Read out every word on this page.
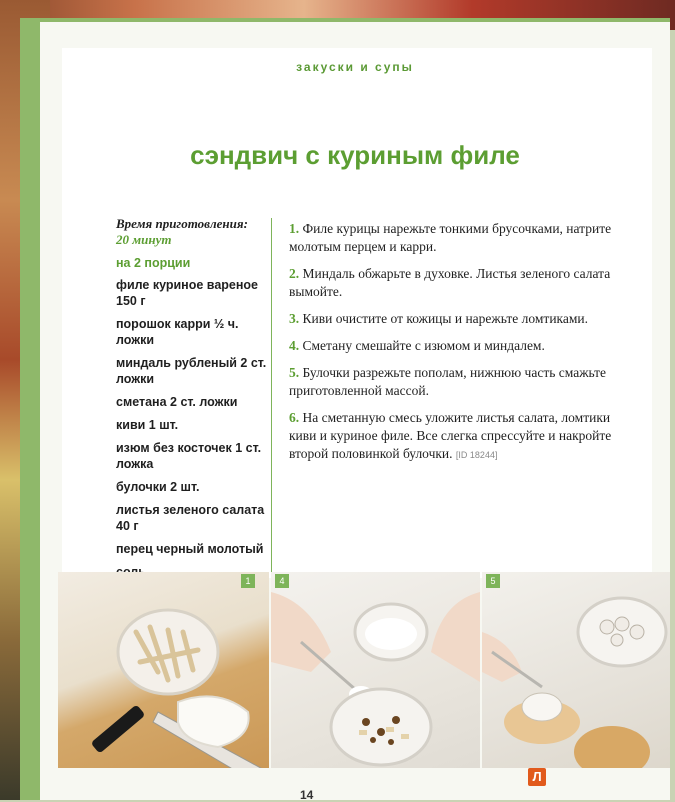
закуски и супы
сэндвич с куриным филе
Время приготовления:
20 минут
на 2 порции
филе куриное вареное 150 г
порошок карри ½ ч. ложки
миндаль рубленый 2 ст. ложки
сметана 2 ст. ложки
киви 1 шт.
изюм без косточек 1 ст. ложка
булочки 2 шт.
листья зеленого салата 40 г
перец черный молотый
1. Филе курицы нарежьте тонкими брусочками, натрите молотым перцем и карри.
2. Миндаль обжарьте в духовке. Листья зеленого салата вымойте.
3. Киви очистите от кожицы и нарежьте ломтиками.
4. Сметану смешайте с изюмом и миндалем.
5. Булочки разрежьте пополам, нижнюю часть смажьте приготовленной массой.
6. На сметанную смесь уложите листья салата, ломтики киви и куриное филе. Все слегка спрессуйте и накройте второй половинкой булочки. [ID 18244]
1	4	5
14
Л
